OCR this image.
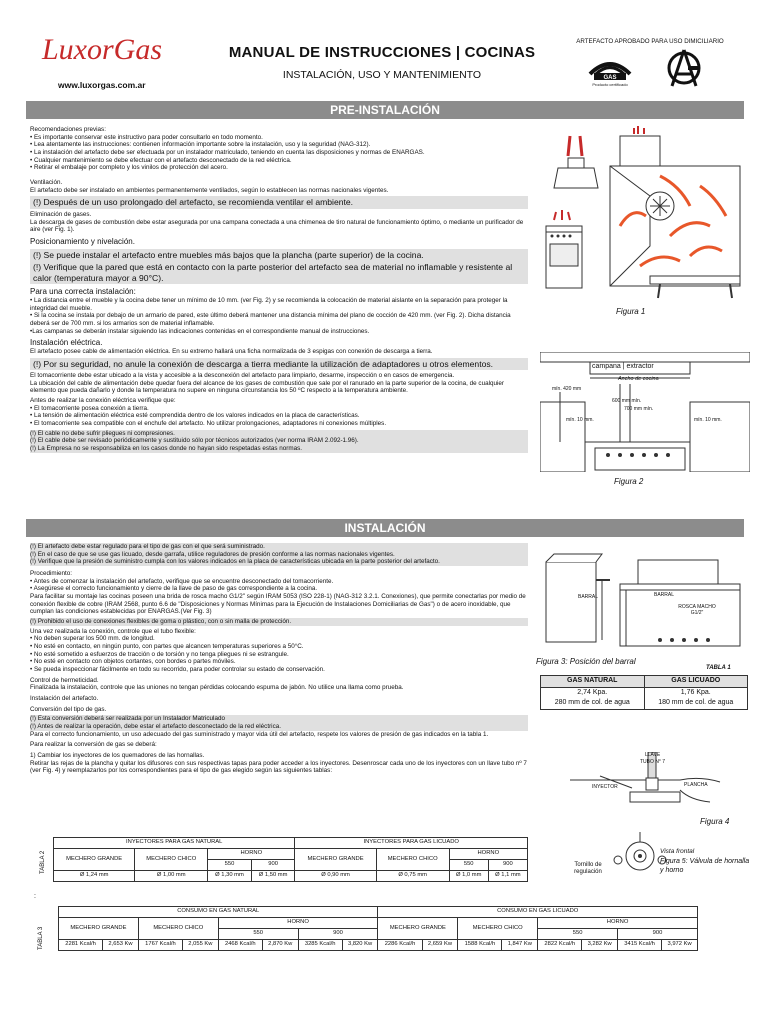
LuxorGas
www.luxorgas.com.ar
MANUAL DE INSTRUCCIONES | COCINAS
INSTALACIÓN, USO Y MANTENIMIENTO
ARTEFACTO APROBADO PARA USO DIMICILIARIO
GAS
Producto certificado
PRE-INSTALACIÓN

Recomendaciones previas:

• Es importante conservar este instructivo para poder consultarlo en todo momento.

• Lea atentamente las instrucciones: contienen información importante sobre la instalación, uso y la seguridad (NAG-312).

• La instalación del artefacto debe ser efectuada por un instalador matriculado, teniendo en cuenta las disposiciones y normas de ENARGAS.

• Cualquier mantenimiento se debe efectuar con el artefacto desconectado de la red eléctrica.

• Retirar el embalaje por completo y los vinilos de protección del acero.

Ventilación.

El artefacto debe ser instalado en ambientes permanentemente ventilados, según lo establecen las normas nacionales vigentes.

(!) Después de un uso prolongado del artefacto, se recomienda ventilar el ambiente.

Eliminación de gases.

La descarga de gases de combustión debe estar asegurada por una campana conectada a una chimenea de tiro natural de funcionamiento óptimo, o mediante un purificador de aire (ver Fig. 1).

Posicionamiento y nivelación.

(!) Se puede instalar el artefacto entre muebles más bajos que la plancha (parte superior) de la cocina.

(!) Verifique que la pared que está en contacto con la parte posterior del artefacto sea de material no inflamable y resistente al calor (temperatura mayor a 90°C).

Para una correcta instalación:

• La distancia entre el mueble y la cocina debe tener un mínimo de 10 mm. (ver Fig. 2) y se recomienda la colocación de material aislante en la separación para proteger la integridad del mueble.

• Si la cocina se instala por debajo de un armario de pared, este último deberá mantener una distancia mínima del plano de cocción de 420 mm. (ver Fig. 2). Dicha distancia deberá ser de 700 mm. si los armarios son de material inflamable.

•Las campanas se deberán instalar siguiendo las indicaciones contenidas en el correspondiente manual de instrucciones.

Instalación eléctrica.

El artefacto posee cable de alimentación eléctrica. En su extremo hallará una ficha normalizada de 3 espigas con conexión de descarga a tierra.

(!) Por su seguridad, no anule la conexión de descarga a tierra mediante la utilización de adaptadores u otros elementos.

El tomacorriente debe estar ubicado a la vista y accesible a la desconexión del artefacto para limpiarlo, desarme, inspección o en casos de emergencia.

La ubicación del cable de alimentación debe quedar fuera del alcance de los gases de combustión que sale por el ranurado en la parte superior de la cocina, de cualquier elemento que pueda dañarlo y donde la temperatura no supere en ninguna circunstancia los 50 ºC respecto a la temperatura ambiente.

Antes de realizar la conexión eléctrica verifique que:

• El tomacorriente posea conexión a tierra.

• La tensión de alimentación eléctrica esté comprendida dentro de los valores indicados en la placa de características.

• El tomacorriente sea compatible con el enchufe del artefacto. No utilizar prolongaciones, adaptadores ni conexiones múltiples.

(!) El cable no debe sufrir pliegues ni compresiones.

(!) El cable debe ser revisado periódicamente y sustituido sólo por técnicos autorizados (ver norma IRAM 2.092-1.96).

(!) La Empresa no se responsabiliza en los casos donde no hayan sido respetadas estas normas.

Figura 1
campana | extractor
Ancho de cocina
mín. 420 mm
mín. 10 mm.
600 mm mín.
700 mm mín.
mín. 10 mm.
Figura 2
INSTALACIÓN

(!) El artefacto debe estar regulado para el tipo de gas con el que será suministrado.

(!) En el caso de que se use gas licuado, desde garrafa, utilice reguladores de presión conforme a las normas nacionales vigentes.

(!) Verifique que la presión de suministro cumpla con los valores indicados en la placa de características ubicada en la parte posterior del artefacto.

Procedimiento:

• Antes de comenzar la instalación del artefacto, verifique que se encuentre desconectado del tomacorriente.

• Asegúrese el correcto funcionamiento y cierre de la llave de paso de gas correspondiente a la cocina.

Para facilitar su montaje las cocinas poseen una brida de rosca macho G1/2" según IRAM 5053 (ISO 228-1) (NAG-312 3.2.1. Conexiones), que permite conectarlas por medio de conexión flexible de cobre (IRAM 2568, punto 6.6 de "Disposiciones y Normas Mínimas para la Ejecución de Instalaciones Domiciliarias de Gas") o de acero inoxidable, que cumplan las condiciones establecidas por ENARGAS.(Ver Fig. 3)

(!) Prohibido el uso de conexiones flexibles de goma o plástico, con o sin malla de protección.

Una vez realizada la conexión, controle que el tubo flexible:

• No deben superar los 500 mm. de longitud.

• No esté en contacto, en ningún punto, con partes que alcancen temperaturas superiores a 50°C.

• No esté sometido a esfuerzos de tracción o de torsión y no tenga pliegues ni se estrangule.

• No esté en contacto con objetos cortantes, con bordes o partes móviles.

• Se pueda inspeccionar fácilmente en todo su recorrido, para poder controlar su estado de conservación.

Control de hermeticidad.

Finalizada la instalación, controle que las uniones no tengan pérdidas colocando espuma de jabón. No utilice una llama como prueba.

Instalación del artefacto.

Conversión del tipo de gas.

(!) Esta conversión deberá ser realizada por un Instalador Matriculado

(!) Antes de realizar la operación, debe estar el artefacto desconectado de la red eléctrica.

Para el correcto funcionamiento, un uso adecuado del gas suministrado y mayor vida útil del artefacto, respete los valores de presión de gas indicados en la tabla 1.

Para realizar la conversión de gas se deberá:

1) Cambiar los inyectores de los quemadores de las hornallas.

Retirar las rejas de la plancha y quitar los difusores con sus respectivas tapas para poder acceder a los inyectores. Desenroscar cada uno de los inyectores con un llave tubo nº 7 (ver Fig. 4) y reemplazarlos por los correspondientes para el tipo de gas elegido según las siguientes tablas:

BARRAL	BARRAL
ROSCA MACHO G1/2"
Figura 3: Posición del barral
TABLA 1
GAS NATURAL	GAS LICUADO
2,74 Kpa.	1,76 Kpa.
280 mm de col. de agua	180 mm de col. de agua
LLAVE
TUBO N° 7
INYECTOR	PLANCHA
Figura 4
Vista frontal
Figura 5: Válvula de hornalla y horno
Tornillo de regulación
TABLA 2
INYECTORES PARA GAS NATURAL				INYECTORES PARA GAS LICUADO			
MECHERO GRANDE	MECHERO CHICO	HORNO		MECHERO GRANDE	MECHERO CHICO	HORNO	
		550	900			550	900
Ø 1,24 mm	Ø 1,00 mm	Ø 1,30 mm	Ø 1,50 mm	Ø 0,90 mm	Ø 0,75 mm	Ø 1,0 mm	Ø 1,1 mm
:
TABLA 3
CONSUMO EN GAS NATURAL								CONSUMO EN GAS LICUADO							
MECHERO GRANDE		MECHERO CHICO		HORNO				MECHERO GRANDE		MECHERO CHICO		HORNO			
				550		900						550		900	
2281 Kcal/h	2,653 Kw	1767 Kcal/h	2,055 Kw	2468 Kcal/h	2,870 Kw	3285 Kcal/h	3,820 Kw	2286 Kcal/h	2,659 Kw	1588 Kcal/h	1,847 Kw	2822 Kcal/h	3,282 Kw	3415 Kcal/h	3,972 Kw
